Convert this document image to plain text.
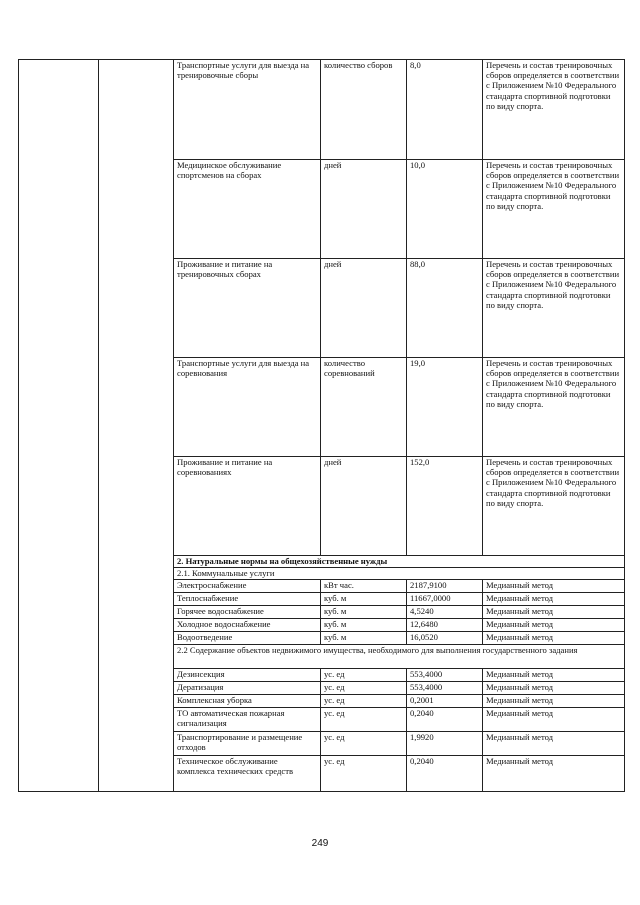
		Транспортные услуги для выезда на тренировочные сборы	количество сборов	8,0	Перечень и состав тренировочных сборов определяется в соответствии с Приложением №10 Федерального стандарта спортивной подготовки по виду спорта.
		Медицинское обслуживание спортсменов на сборах	дней	10,0	Перечень и состав тренировочных сборов определяется в соответствии с Приложением №10 Федерального стандарта спортивной подготовки по виду спорта.
		Проживание и питание на тренировочных сборах	дней	88,0	Перечень и состав тренировочных сборов определяется в соответствии с Приложением №10 Федерального стандарта спортивной подготовки по виду спорта.
		Транспортные услуги для выезда на соревнования	количество соревнований	19,0	Перечень и состав тренировочных сборов определяется в соответствии с Приложением №10 Федерального стандарта спортивной подготовки по виду спорта.
		Проживание и питание на соревнованиях	дней	152,0	Перечень и состав тренировочных сборов определяется в соответствии с Приложением №10 Федерального стандарта спортивной подготовки по виду спорта.
		2. Натуральные нормы на общехозяйственные нужды			
		2.1. Коммунальные услуги			
		Электроснабжение	кВт час.	2187,9100	Медианный метод
		Теплоснабжение	куб. м	11667,0000	Медианный метод
		Горячее водоснабжение	куб. м	4,5240	Медианный метод
		Холодное водоснабжение	куб. м	12,6480	Медианный метод
		Водоотведение	куб. м	16,0520	Медианный метод
		2.2 Содержание объектов недвижимого имущества, необходимого для выполнения государственного задания			
		Дезинсекция	ус. ед	553,4000	Медианный метод
		Дератизация	ус. ед	553,4000	Медианный метод
		Комплексная уборка	ус. ед	0,2001	Медианный метод
		ТО автоматическая пожарная сигнализация	ус. ед	0,2040	Медианный метод
		Транспортирование и размещение отходов	ус. ед	1,9920	Медианный метод
		Техническое обслуживание комплекса технических средств	ус. ед	0,2040	Медианный метод
249
